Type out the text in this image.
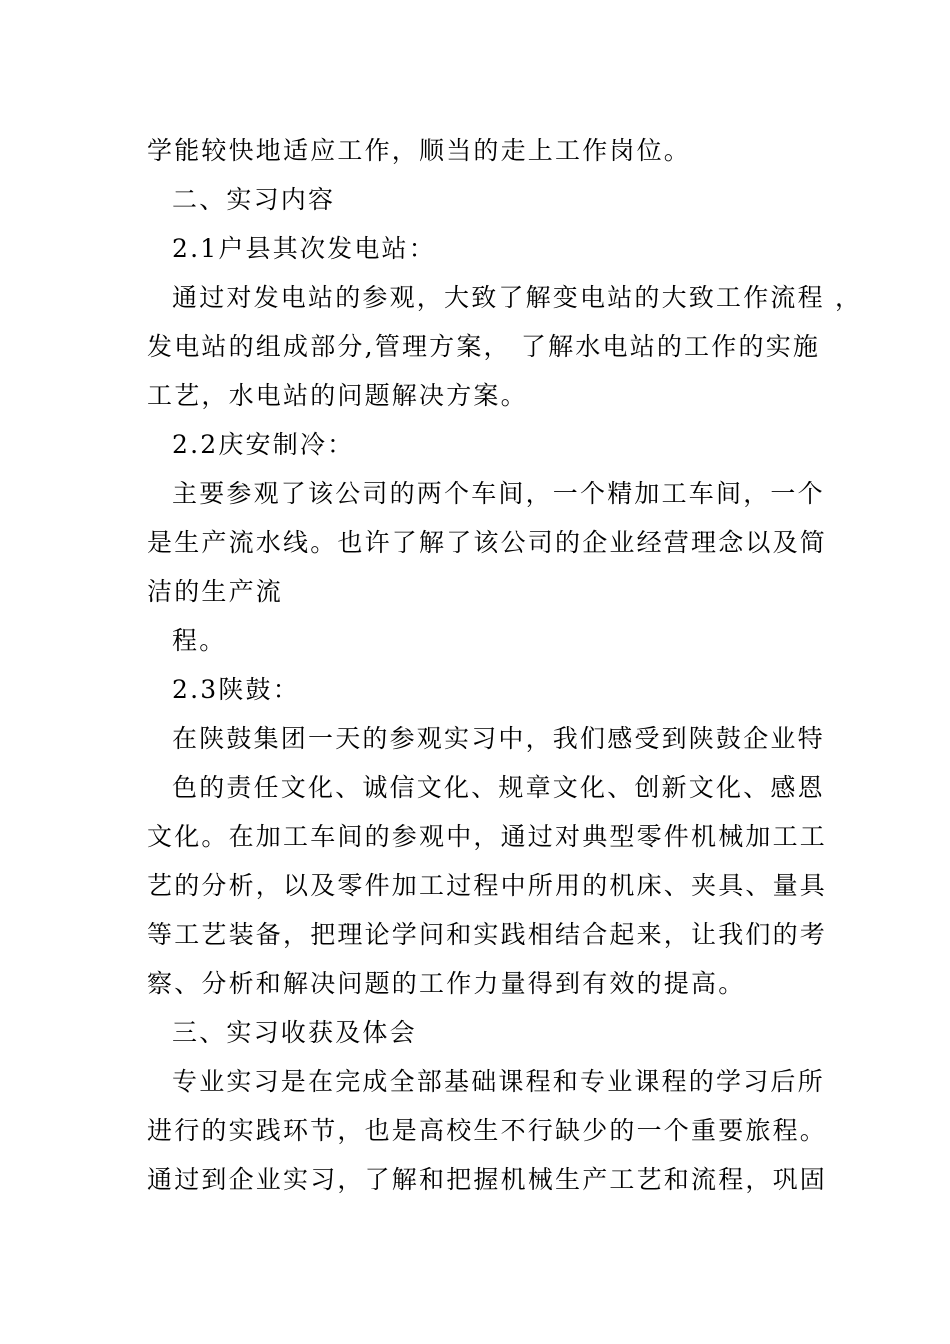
学能较快地适应工作，顺当的走上工作岗位。
二、实习内容
2.1户县其次发电站：
通过对发电站的参观，大致了解变电站的大致工作流程 ，
发电站的组成部分,管理方案， 了解水电站的工作的实施
工艺，水电站的问题解决方案。
2.2庆安制冷：
主要参观了该公司的两个车间，一个精加工车间，一个
是生产流水线。也许了解了该公司的企业经营理念以及简
洁的生产流
程。
2.3陕鼓：
在陕鼓集团一天的参观实习中，我们感受到陕鼓企业特
色的责任文化、诚信文化、规章文化、创新文化、感恩
文化。在加工车间的参观中，通过对典型零件机械加工工
艺的分析，以及零件加工过程中所用的机床、夹具、量具
等工艺装备，把理论学问和实践相结合起来，让我们的考
察、分析和解决问题的工作力量得到有效的提高。
三、实习收获及体会
专业实习是在完成全部基础课程和专业课程的学习后所
进行的实践环节，也是高校生不行缺少的一个重要旅程。
通过到企业实习，了解和把握机械生产工艺和流程，巩固
